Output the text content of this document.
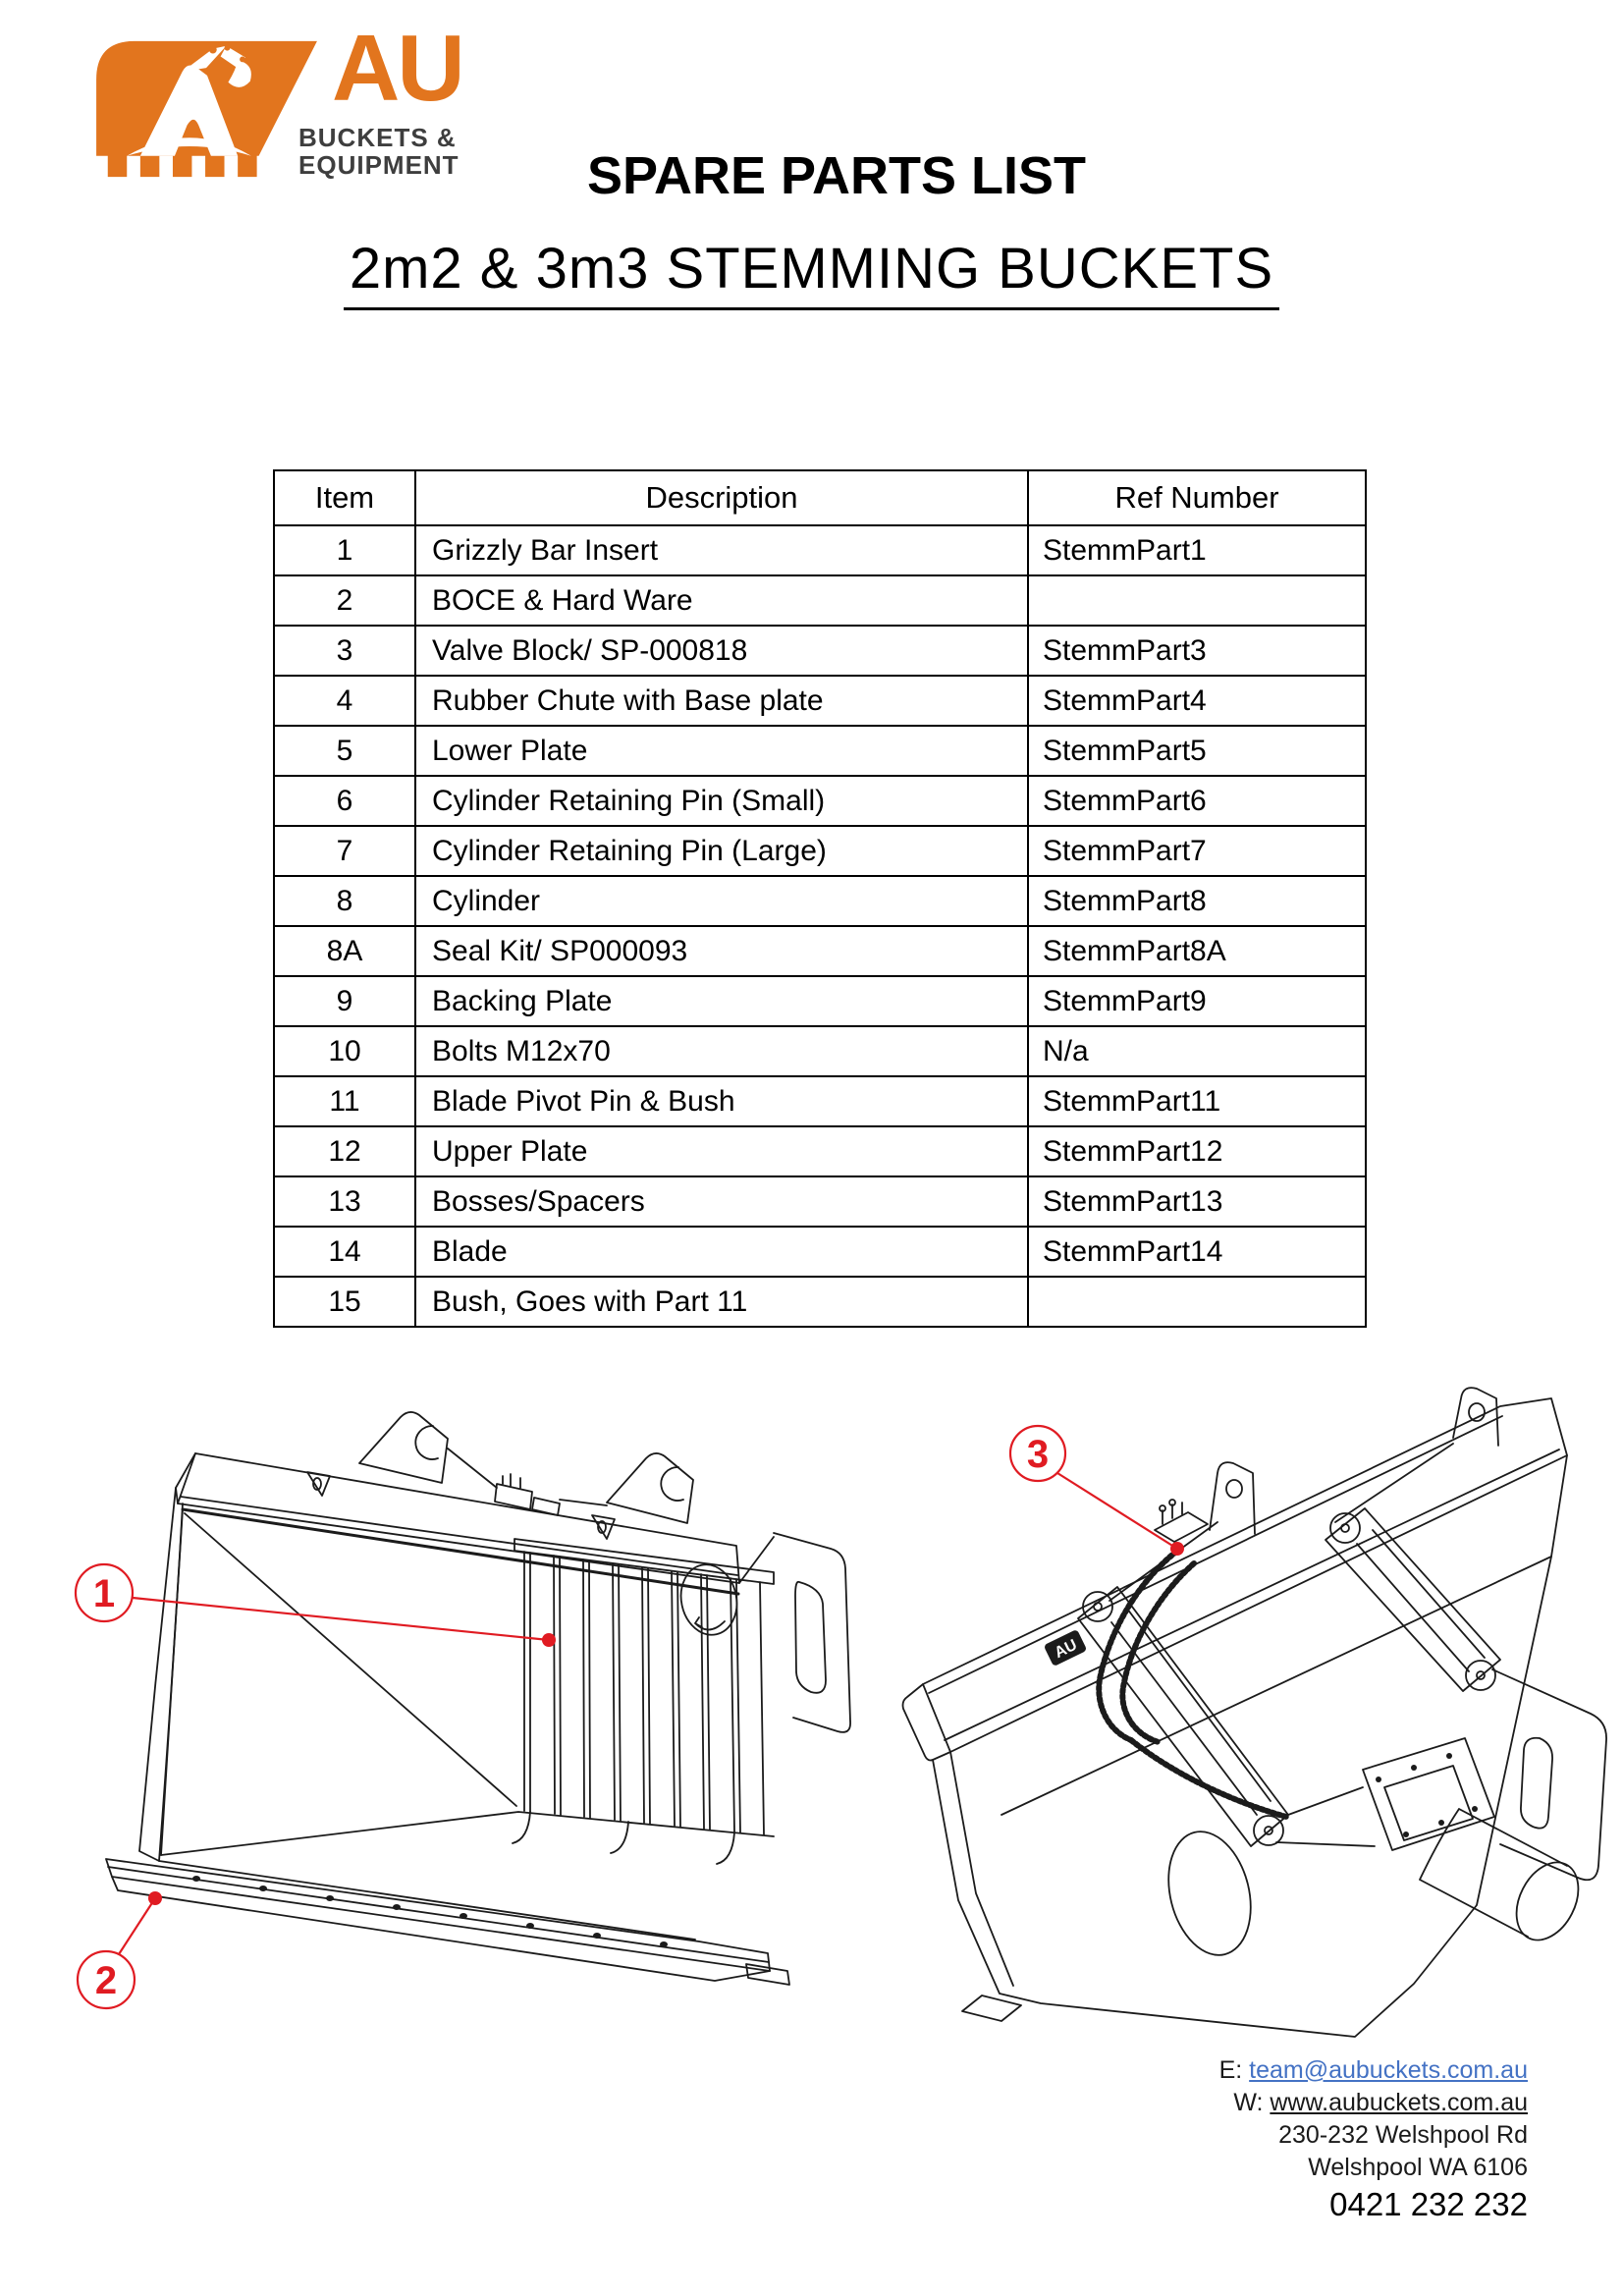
AU
BUCKETS &
EQUIPMENT SPARE PARTS LIST
2m2 & 3m3 STEMMING BUCKETS
Item	Description	Ref Number
1	Grizzly Bar Insert	StemmPart1
2	BOCE & Hard Ware	
3	Valve Block/ SP-000818	StemmPart3
4	Rubber Chute with Base plate	StemmPart4
5	Lower Plate	StemmPart5
6	Cylinder Retaining Pin (Small)	StemmPart6
7	Cylinder Retaining Pin (Large)	StemmPart7
8	Cylinder	StemmPart8
8A	Seal Kit/ SP000093	StemmPart8A
9	Backing Plate	StemmPart9
10	Bolts M12x70	N/a
11	Blade Pivot Pin & Bush	StemmPart11
12	Upper Plate	StemmPart12
13	Bosses/Spacers	StemmPart13
14	Blade	StemmPart14
15	Bush, Goes with Part 11	
1
2
AU
3
E: team@aubuckets.com.au
W: www.aubuckets.com.au
230-232 Welshpool Rd
Welshpool WA 6106
0421 232 232
